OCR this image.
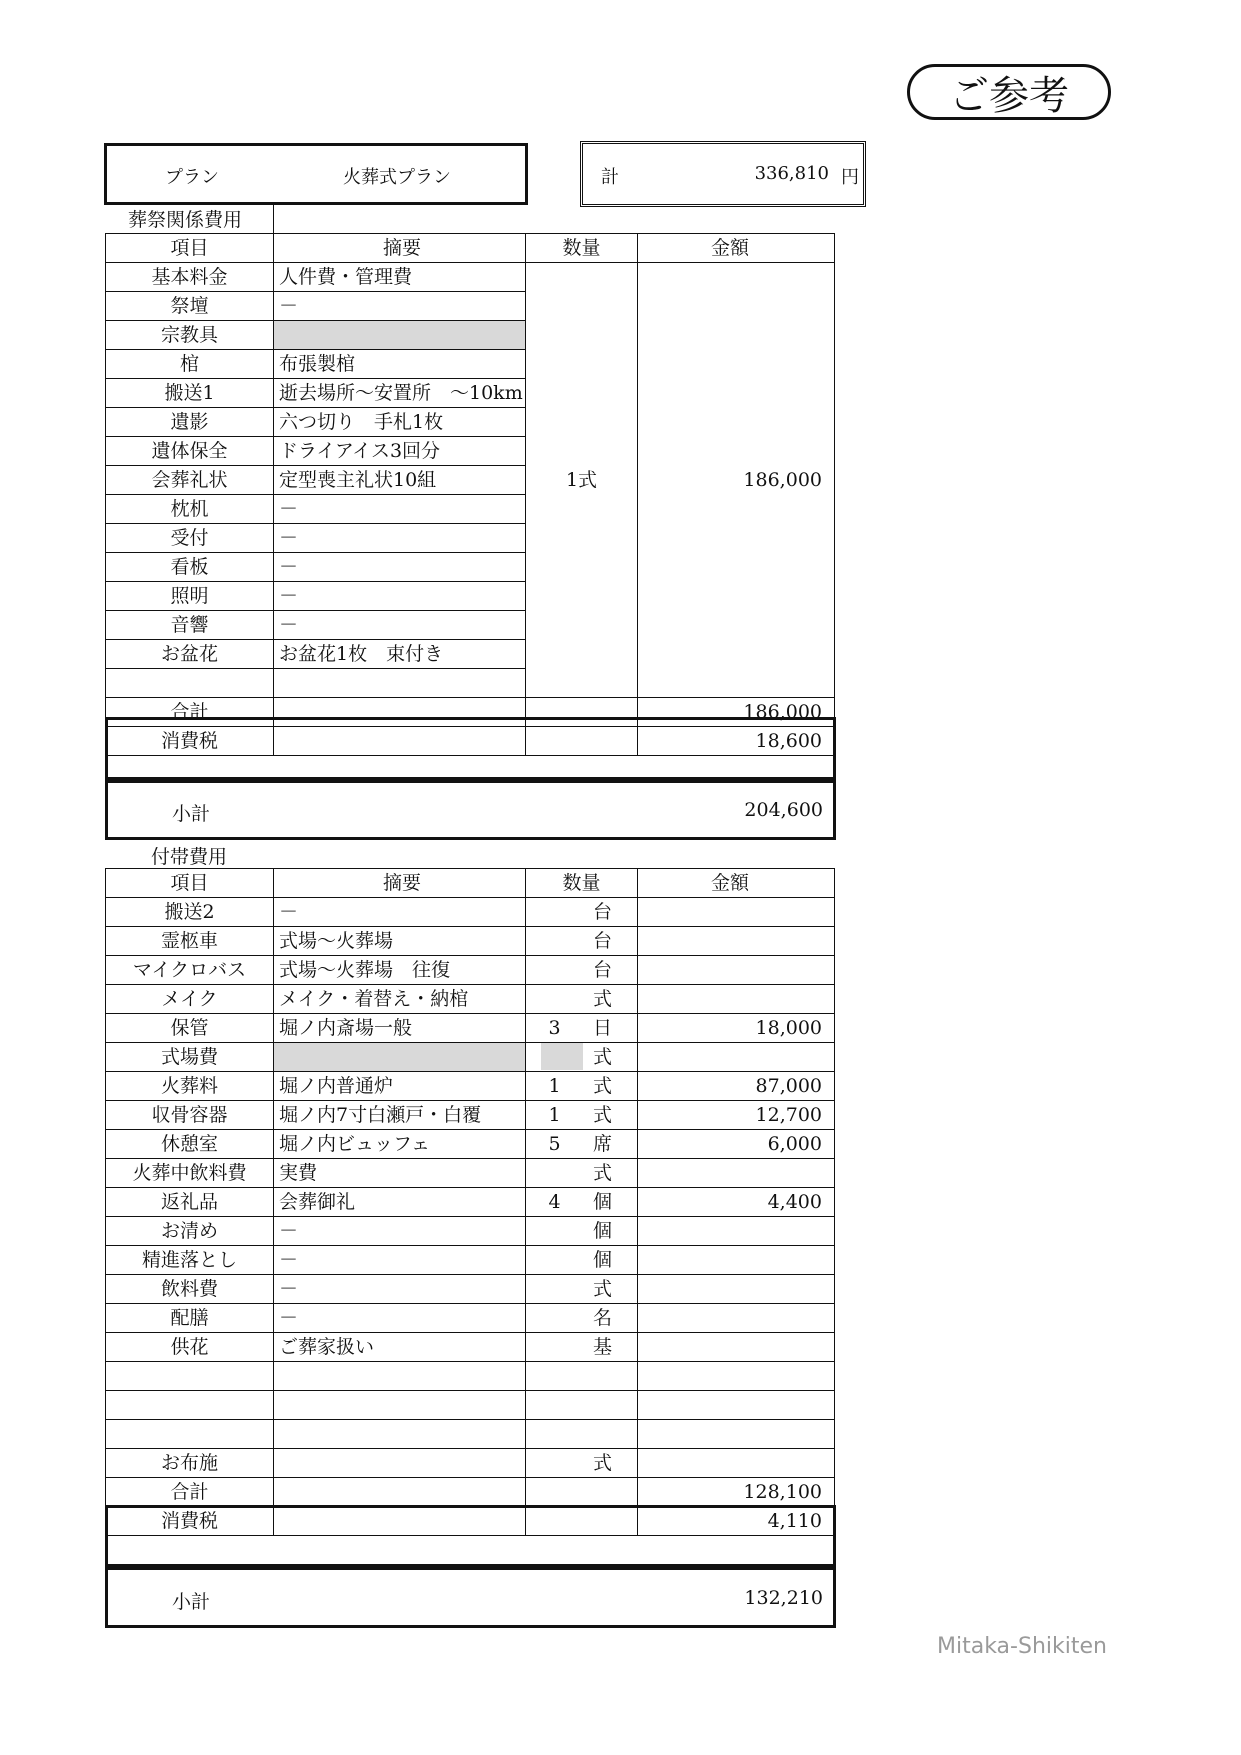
ご参考
プラン	火葬式プラン	計	336,810 円
葬祭関係費用
項目	摘要	数量	金額
基本料金	人件費・管理費	1式	186,000
祭壇	－		
宗教具			
棺	布張製棺		
搬送1	逝去場所～安置所　～10km		
遺影	六つ切り　手札1枚		
遺体保全	ドライアイス3回分		
会葬礼状	定型喪主礼状10組		
枕机	－		
受付	－		
看板	－		
照明	－		
音響	－		
お盆花	お盆花1枚　束付き		

合計			186,000
消費税			18,600
小計	204,600
付帯費用
項目	摘要	数量	金額
搬送2	－	台	
霊柩車	式場～火葬場	台	
マイクロバス	式場～火葬場　往復	台	
メイク	メイク・着替え・納棺	式	
保管	堀ノ内斎場一般	3 日	18,000
式場費		式	
火葬料	堀ノ内普通炉	1 式	87,000
収骨容器	堀ノ内7寸白瀬戸・白覆	1 式	12,700
休憩室	堀ノ内ビュッフェ	5 席	6,000
火葬中飲料費	実費	式	
返礼品	会葬御礼	4 個	4,400
お清め	－	個	
精進落とし	－	個	
飲料費	－	式	
配膳	－	名	
供花	ご葬家扱い	基	

お布施		式	
合計			128,100
消費税			4,110
小計	132,210
Mitaka-Shikiten
